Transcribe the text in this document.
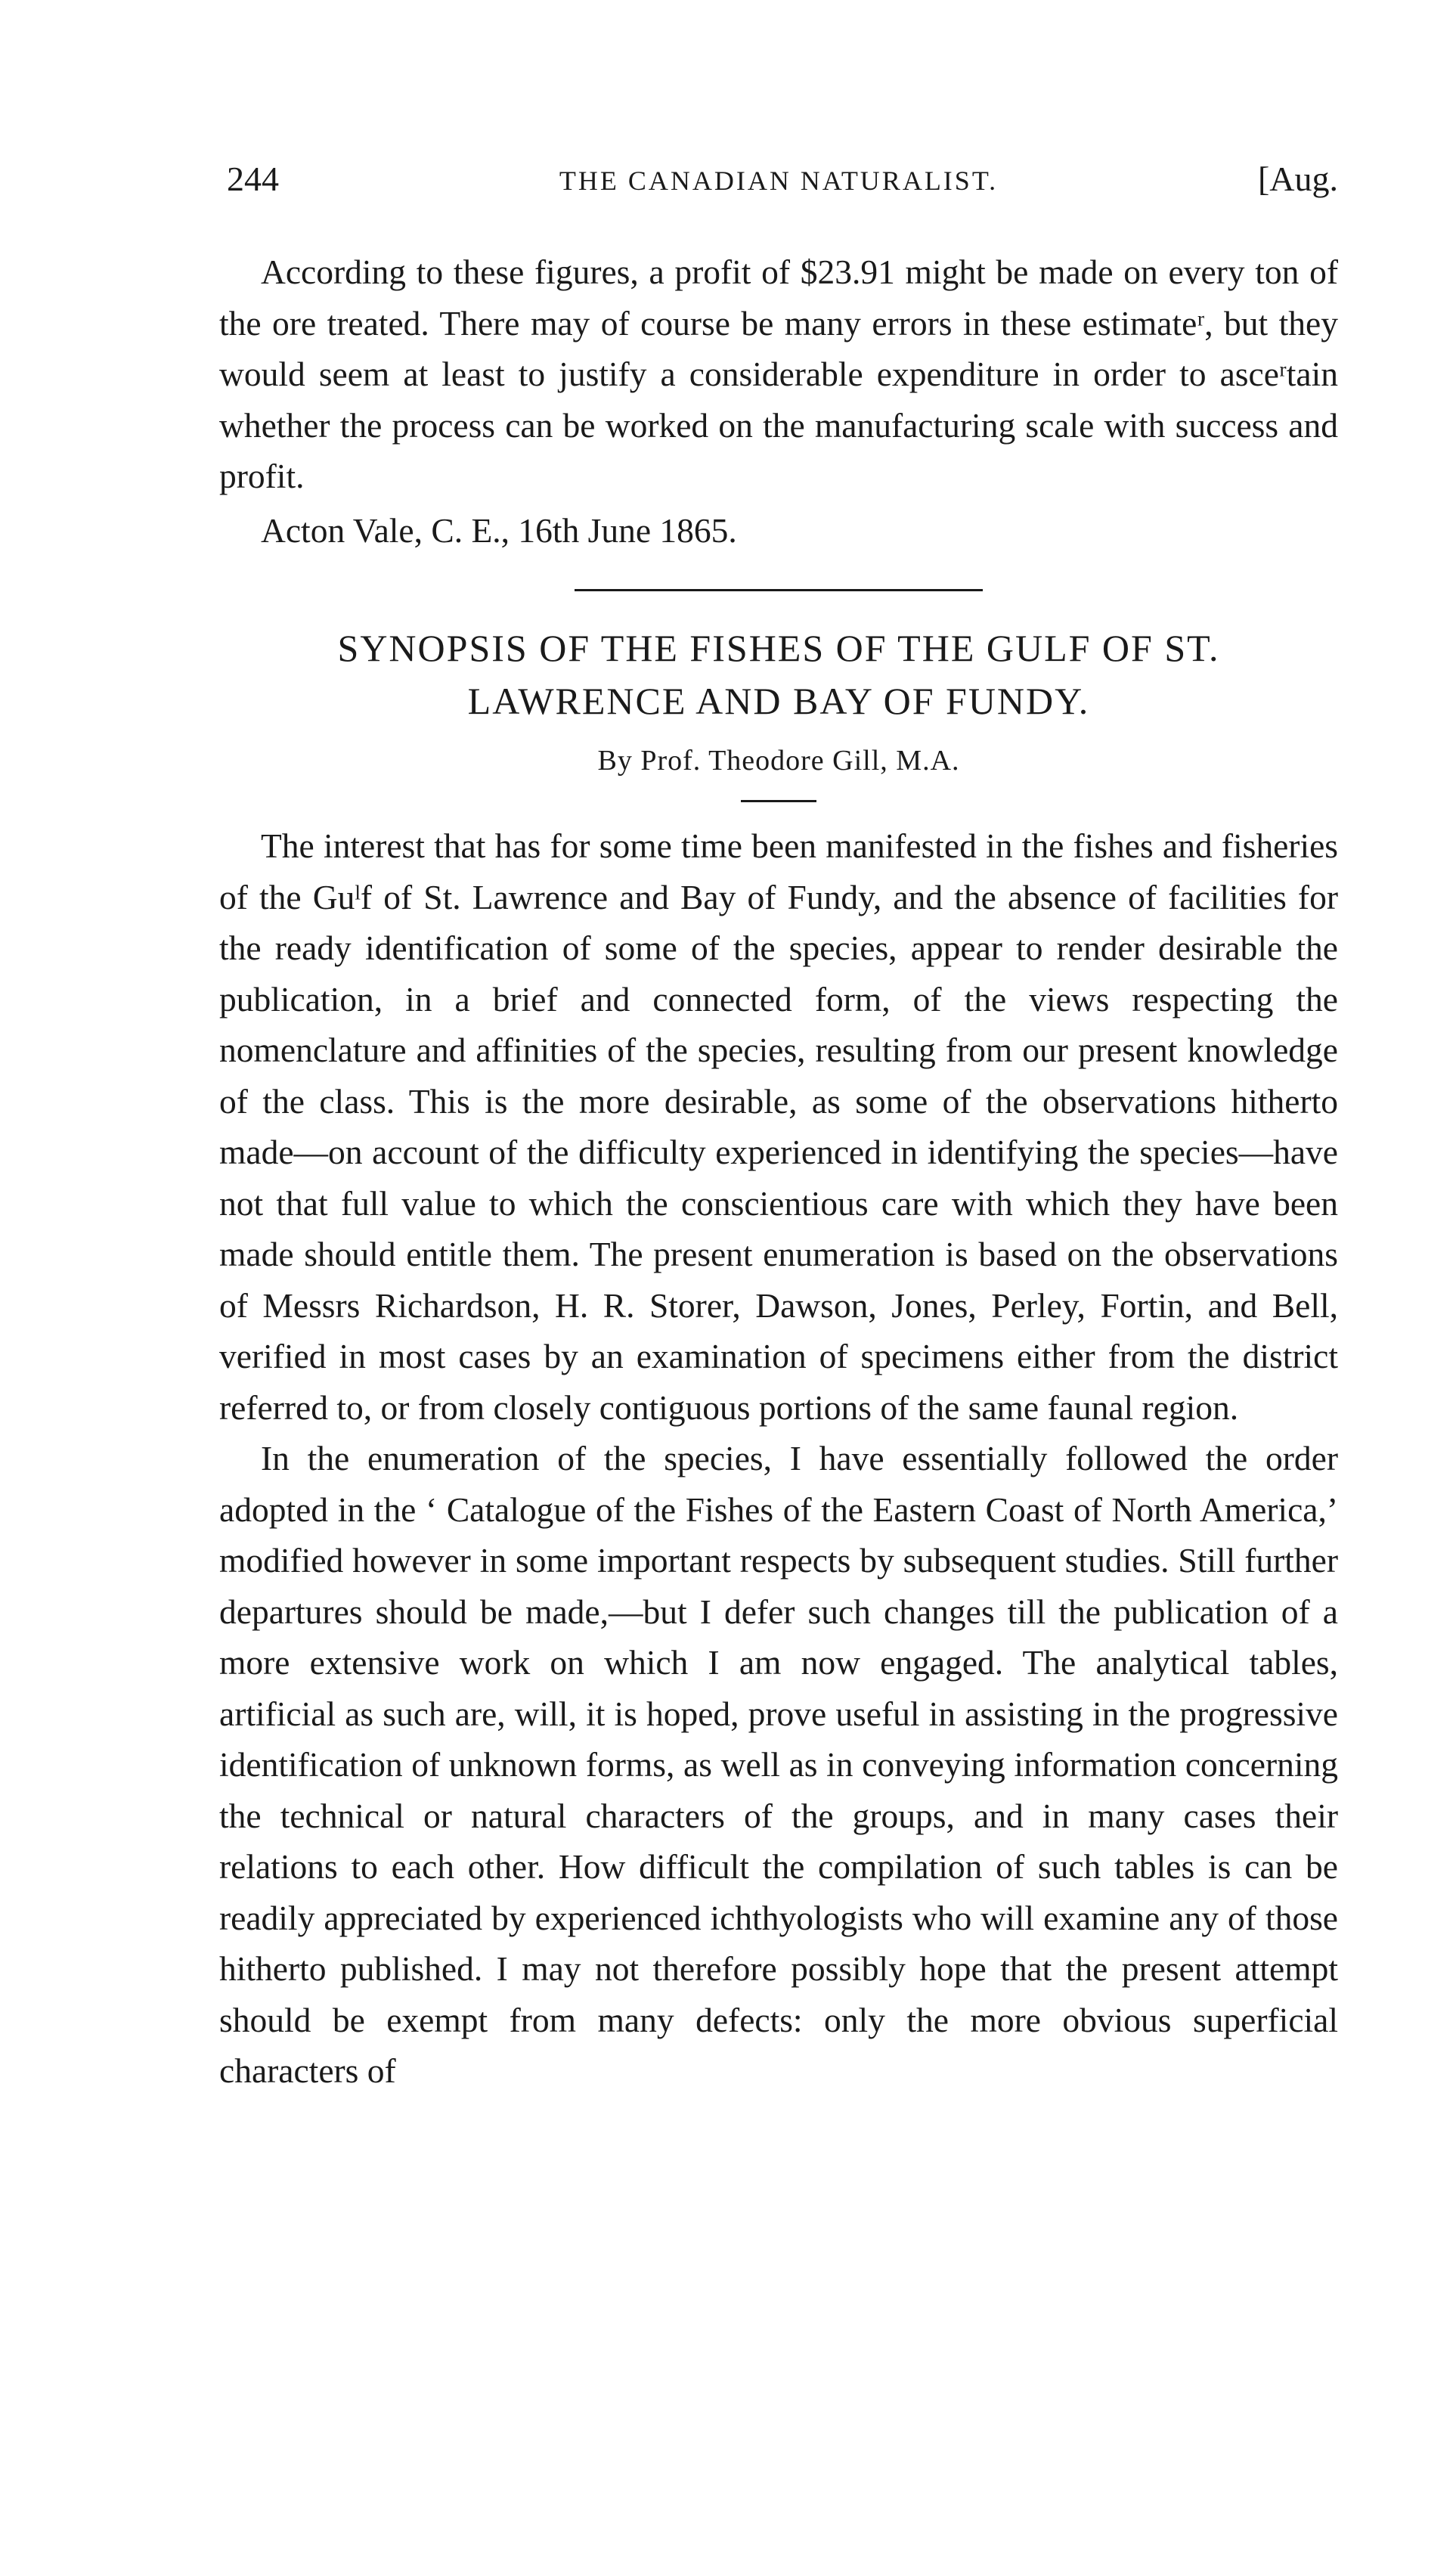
244	THE CANADIAN NATURALIST.	[Aug.

According to these figures, a profit of $23.91 might be made on every ton of the ore treated. There may of course be many errors in these estimateʳ, but they would seem at least to justify a considerable expenditure in order to asceʳtain whether the process can be worked on the manufacturing scale with success and profit.

Acton Vale, C. E., 16th June 1865.
SYNOPSIS OF THE FISHES OF THE GULF OF ST.
LAWRENCE AND BAY OF FUNDY.
By Prof. Theodore Gill, M.A.

The interest that has for some time been manifested in the fishes and fisheries of the Guˡf of St. Lawrence and Bay of Fundy, and the absence of facilities for the ready identification of some of the species, appear to render desirable the publication, in a brief and connected form, of the views respecting the nomenclature and affinities of the species, resulting from our present knowledge of the class. This is the more desirable, as some of the observations hitherto made—on account of the difficulty experienced in identifying the species—have not that full value to which the conscientious care with which they have been made should entitle them. The present enumeration is based on the observations of Messrs Richardson, H. R. Storer, Dawson, Jones, Perley, Fortin, and Bell, verified in most cases by an examination of specimens either from the district referred to, or from closely contiguous portions of the same faunal region.

In the enumeration of the species, I have essentially followed the order adopted in the ‘ Catalogue of the Fishes of the Eastern Coast of North America,’ modified however in some important respects by subsequent studies. Still further departures should be made,—but I defer such changes till the publication of a more extensive work on which I am now engaged. The analytical tables, artificial as such are, will, it is hoped, prove useful in assisting in the progressive identification of unknown forms, as well as in conveying information concerning the technical or natural characters of the groups, and in many cases their relations to each other. How difficult the compilation of such tables is can be readily appreciated by experienced ichthyologists who will examine any of those hitherto published. I may not therefore possibly hope that the present attempt should be exempt from many defects: only the more obvious superficial characters of
